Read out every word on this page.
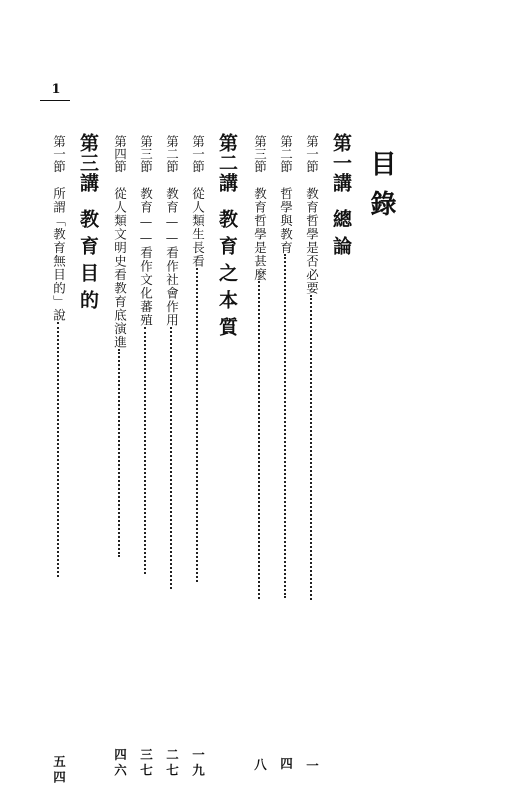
1
目錄
第一講總論
第一節教育哲學是否必要
一
第二節哲學與教育
四
第三節教育哲學是甚麼
八
第二講教育之本質
第一節從人類生長看
一九
第二節教育——看作社會作用
二七
第三節教育——看作文化蕃殖
三七
第四節從人類文明史看教育底演進
四六
第三講教育目的
第一節所謂「教育無目的」說
五四
